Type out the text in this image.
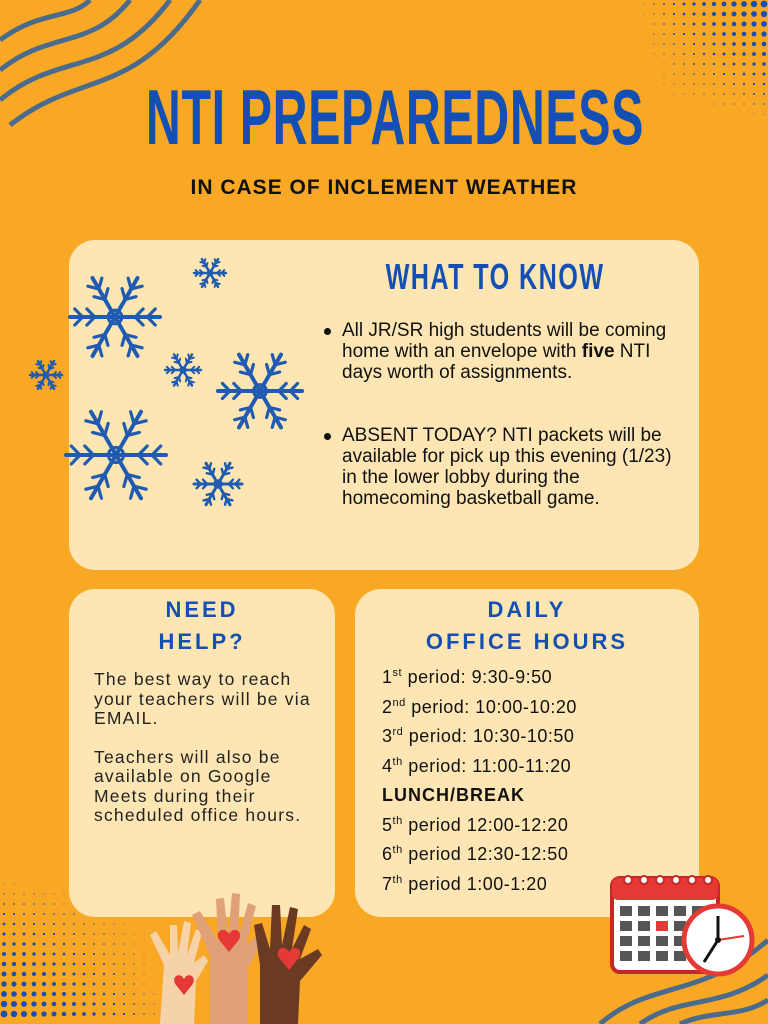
NTI PREPAREDNESS
IN CASE OF INCLEMENT WEATHER
WHAT TO KNOW
All JR/SR high students will be coming home with an envelope with five NTI days worth of assignments.
ABSENT TODAY? NTI packets will be available for pick up this evening (1/23) in the lower lobby during the homecoming basketball game.
NEED
HELP?

The best way to reach your teachers will be via EMAIL.

Teachers will also be available on Google Meets during their scheduled office hours.

DAILY
OFFICE HOURS
1st period: 9:30-9:50
2nd period: 10:00-10:20
3rd period: 10:30-10:50
4th period: 11:00-11:20
LUNCH/BREAK
5th period 12:00-12:20
6th period 12:30-12:50
7th period 1:00-1:20
